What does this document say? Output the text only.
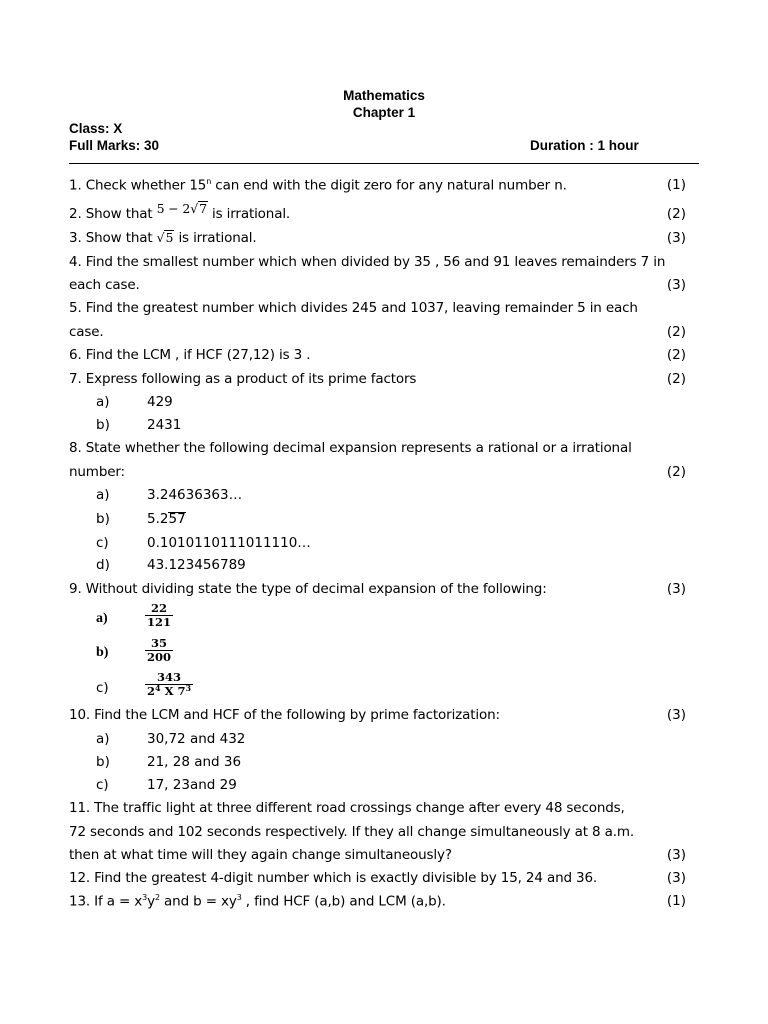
Mathematics
Chapter 1
Class: X
Full Marks: 30	Duration : 1 hour
1. Check whether 15$^n$ can end with the digit zero for any natural number n.	(1)
2. Show that 5 − 2√7 is irrational.	(2)
3. Show that √5 is irrational.	(3)
4. Find the smallest number which when divided by 35 , 56 and 91 leaves remainders 7 in
each case.	(3)
5. Find the greatest number which divides 245 and 1037, leaving remainder 5 in each
case.	(2)
6. Find the LCM , if HCF (27,12) is 3 .	(2)
7. Express following as a product of its prime factors	(2)
a)	429
b)	2431
8. State whether the following decimal expansion represents a rational or a irrational
number:	(2)
a)	3.24636363…
b)	5.257
c)	0.1010110111011110…
d)	43.123456789
9. Without dividing state the type of decimal expansion of the following:	(3)
a)	$\frac{22}{121}$
b)	$\frac{35}{200}$
c)	$\frac{343}{2^4 X 7^3}$
10. Find the LCM and HCF of the following by prime factorization:	(3)
a)	30,72 and 432
b)	21, 28 and 36
c)	17, 23and 29
11. The traffic light at three different road crossings change after every 48 seconds,
72 seconds and 102 seconds respectively. If they all change simultaneously at 8 a.m.
then at what time will they again change simultaneously?	(3)
12. Find the greatest 4-digit number which is exactly divisible by 15, 24 and 36.	(3)
13. If $a = x^3y^2$ and $b = xy^3$ , find HCF (a,b) and LCM (a,b).	(1)
